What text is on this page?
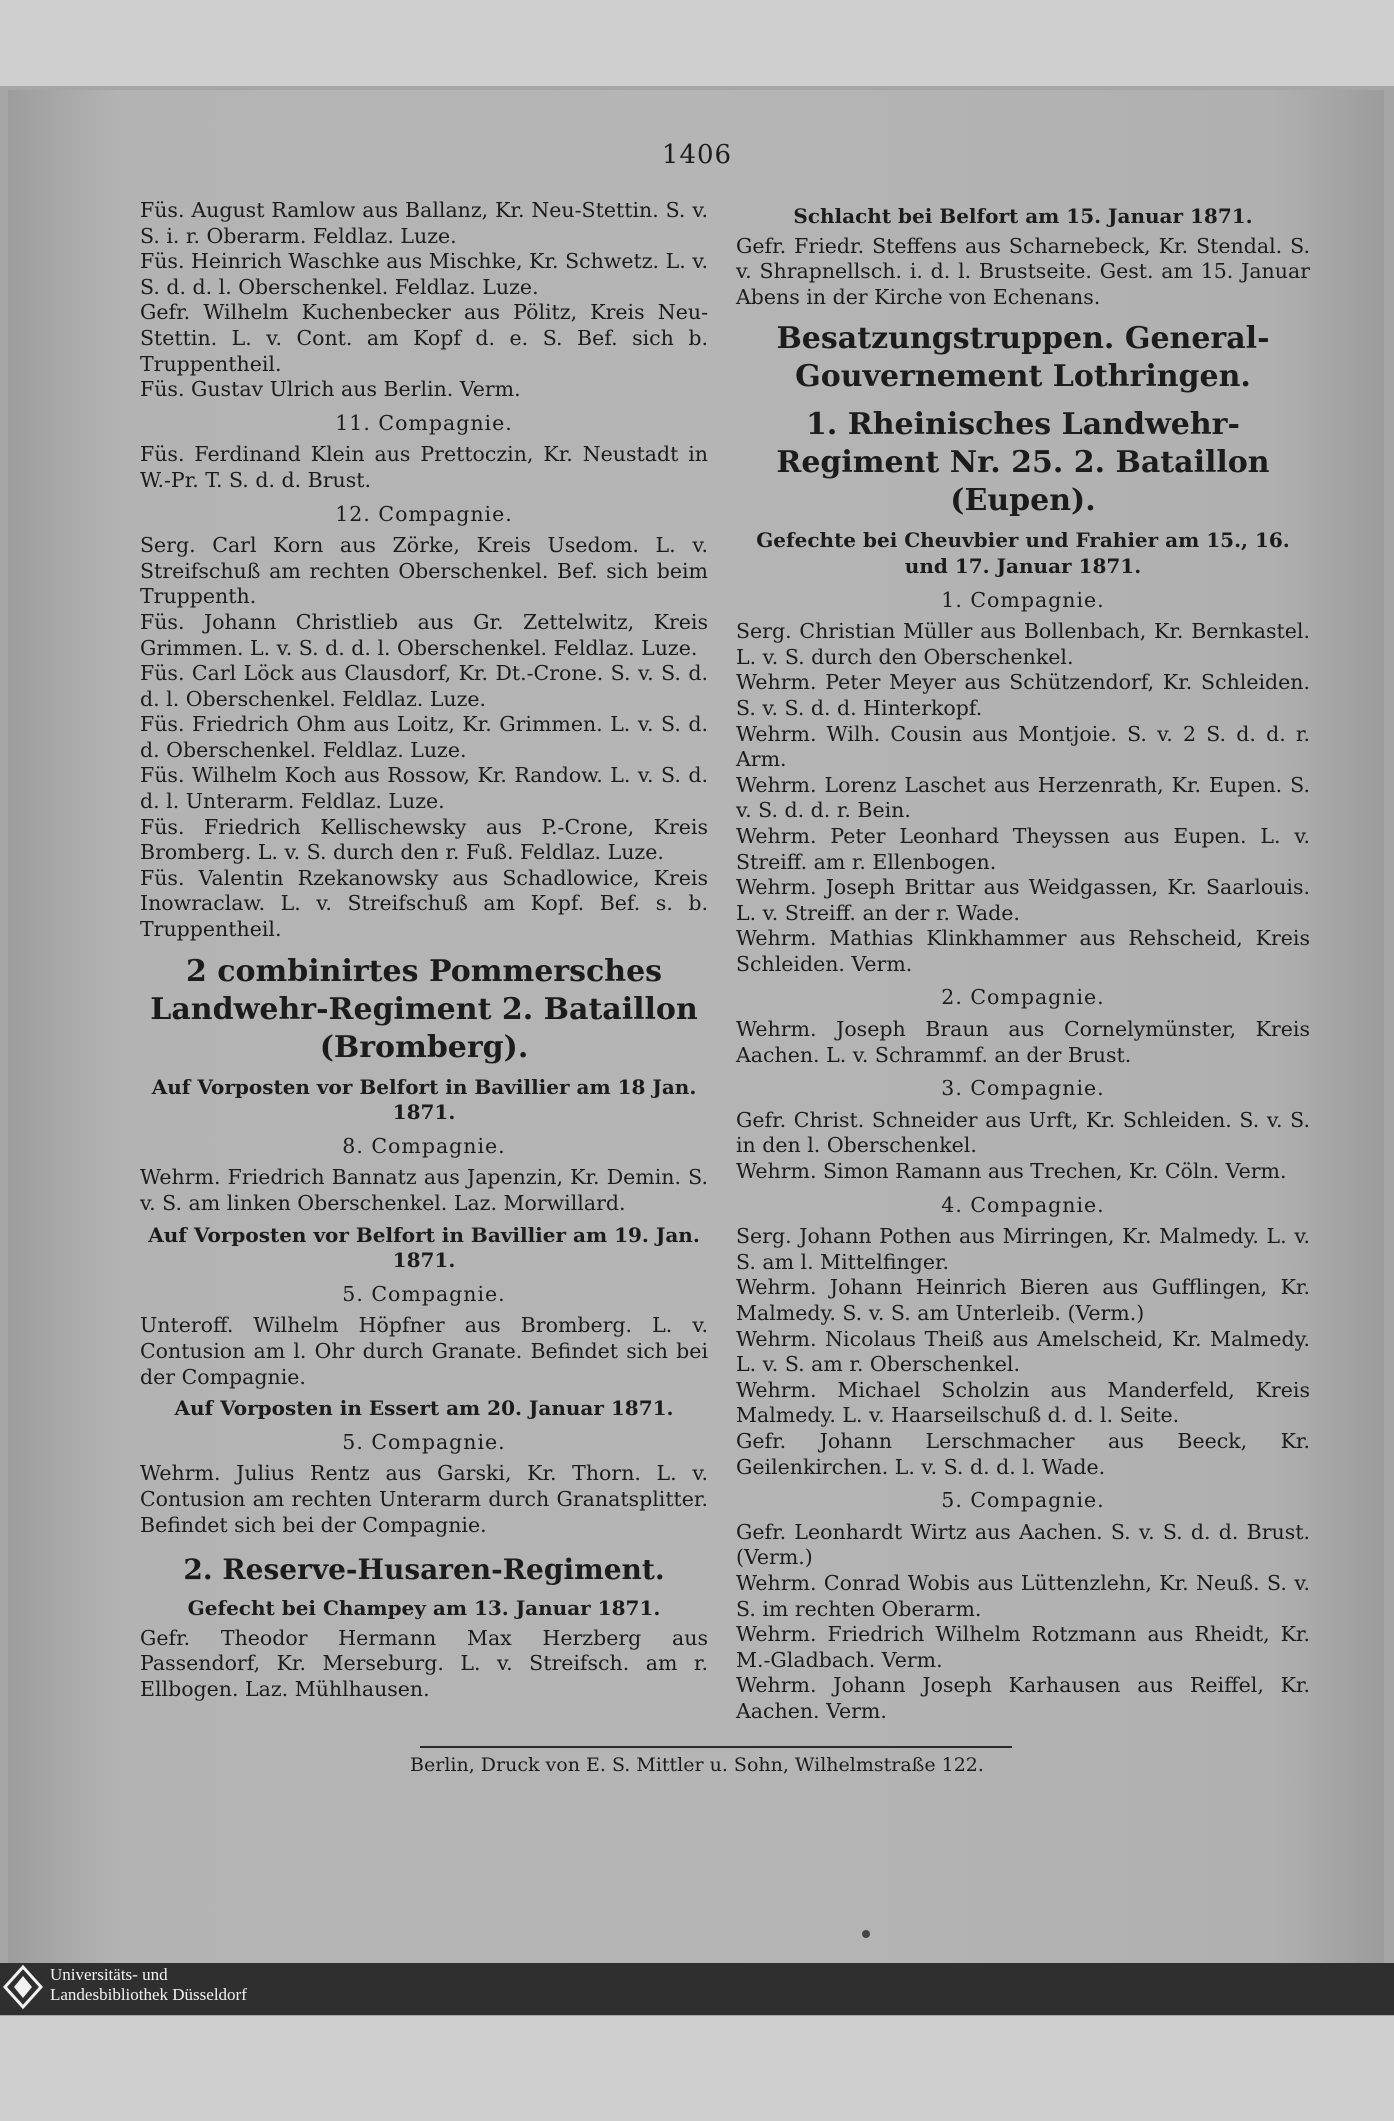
1406
Füs. August Ramlow aus Ballanz, Kr. Neu-Stettin. S. v. S. i. r. Oberarm. Feldlaz. Luze.
Füs. Heinrich Waschke aus Mischke, Kr. Schwetz. L. v. S. d. d. l. Oberschenkel. Feldlaz. Luze.
Gefr. Wilhelm Kuchenbecker aus Pölitz, Kreis Neu-Stettin. L. v. Cont. am Kopf d. e. S. Bef. sich b. Truppentheil.
Füs. Gustav Ulrich aus Berlin. Verm.
11. Compagnie.
Füs. Ferdinand Klein aus Prettoczin, Kr. Neustadt in W.-Pr. T. S. d. d. Brust.
12. Compagnie.
Serg. Carl Korn aus Zörke, Kreis Usedom. L. v. Streifschuß am rechten Oberschenkel. Bef. sich beim Truppenth.
Füs. Johann Christlieb aus Gr. Zettelwitz, Kreis Grimmen. L. v. S. d. d. l. Oberschenkel. Feldlaz. Luze.
Füs. Carl Löck aus Clausdorf, Kr. Dt.-Crone. S. v. S. d. d. l. Oberschenkel. Feldlaz. Luze.
Füs. Friedrich Ohm aus Loitz, Kr. Grimmen. L. v. S. d. d. Oberschenkel. Feldlaz. Luze.
Füs. Wilhelm Koch aus Rossow, Kr. Randow. L. v. S. d. d. l. Unterarm. Feldlaz. Luze.
Füs. Friedrich Kellischewsky aus P.-Crone, Kreis Bromberg. L. v. S. durch den r. Fuß. Feldlaz. Luze.
Füs. Valentin Rzekanowsky aus Schadlowice, Kreis Inowraclaw. L. v. Streifschuß am Kopf. Bef. s. b. Truppentheil.
2 combinirtes Pommersches Landwehr-Regiment 2. Bataillon (Bromberg).
Auf Vorposten vor Belfort in Bavillier am 18 Jan. 1871.
8. Compagnie.
Wehrm. Friedrich Bannatz aus Japenzin, Kr. Demin. S. v. S. am linken Oberschenkel. Laz. Morwillard.
Auf Vorposten vor Belfort in Bavillier am 19. Jan. 1871.
5. Compagnie.
Unteroff. Wilhelm Höpfner aus Bromberg. L. v. Contusion am l. Ohr durch Granate. Befindet sich bei der Compagnie.
Auf Vorposten in Essert am 20. Januar 1871.
5. Compagnie.
Wehrm. Julius Rentz aus Garski, Kr. Thorn. L. v. Contusion am rechten Unterarm durch Granatsplitter. Befindet sich bei der Compagnie.
2. Reserve-Husaren-Regiment.
Gefecht bei Champey am 13. Januar 1871.
Gefr. Theodor Hermann Max Herzberg aus Passendorf, Kr. Merseburg. L. v. Streifsch. am r. Ellbogen. Laz. Mühlhausen.
Schlacht bei Belfort am 15. Januar 1871.
Gefr. Friedr. Steffens aus Scharnebeck, Kr. Stendal. S. v. Shrapnellsch. i. d. l. Brustseite. Gest. am 15. Januar Abens in der Kirche von Echenans.
Besatzungstruppen. General-Gouvernement Lothringen.
1. Rheinisches Landwehr-Regiment Nr. 25. 2. Bataillon (Eupen).
Gefechte bei Cheuvbier und Frahier am 15., 16. und 17. Januar 1871.
1. Compagnie.
Serg. Christian Müller aus Bollenbach, Kr. Bernkastel. L. v. S. durch den Oberschenkel.
Wehrm. Peter Meyer aus Schützendorf, Kr. Schleiden. S. v. S. d. d. Hinterkopf.
Wehrm. Wilh. Cousin aus Montjoie. S. v. 2 S. d. d. r. Arm.
Wehrm. Lorenz Laschet aus Herzenrath, Kr. Eupen. S. v. S. d. d. r. Bein.
Wehrm. Peter Leonhard Theyssen aus Eupen. L. v. Streiff. am r. Ellenbogen.
Wehrm. Joseph Brittar aus Weidgassen, Kr. Saarlouis. L. v. Streiff. an der r. Wade.
Wehrm. Mathias Klinkhammer aus Rehscheid, Kreis Schleiden. Verm.
2. Compagnie.
Wehrm. Joseph Braun aus Cornelymünster, Kreis Aachen. L. v. Schrammf. an der Brust.
3. Compagnie.
Gefr. Christ. Schneider aus Urft, Kr. Schleiden. S. v. S. in den l. Oberschenkel.
Wehrm. Simon Ramann aus Trechen, Kr. Cöln. Verm.
4. Compagnie.
Serg. Johann Pothen aus Mirringen, Kr. Malmedy. L. v. S. am l. Mittelfinger.
Wehrm. Johann Heinrich Bieren aus Gufflingen, Kr. Malmedy. S. v. S. am Unterleib. (Verm.)
Wehrm. Nicolaus Theiß aus Amelscheid, Kr. Malmedy. L. v. S. am r. Oberschenkel.
Wehrm. Michael Scholzin aus Manderfeld, Kreis Malmedy. L. v. Haarseilschuß d. d. l. Seite.
Gefr. Johann Lerschmacher aus Beeck, Kr. Geilenkirchen. L. v. S. d. d. l. Wade.
5. Compagnie.
Gefr. Leonhardt Wirtz aus Aachen. S. v. S. d. d. Brust. (Verm.)
Wehrm. Conrad Wobis aus Lüttenzlehn, Kr. Neuß. S. v. S. im rechten Oberarm.
Wehrm. Friedrich Wilhelm Rotzmann aus Rheidt, Kr. M.-Gladbach. Verm.
Wehrm. Johann Joseph Karhausen aus Reiffel, Kr. Aachen. Verm.
Berlin, Druck von E. S. Mittler u. Sohn, Wilhelmstraße 122.
Universitäts- und
Landesbibliothek Düsseldorf
